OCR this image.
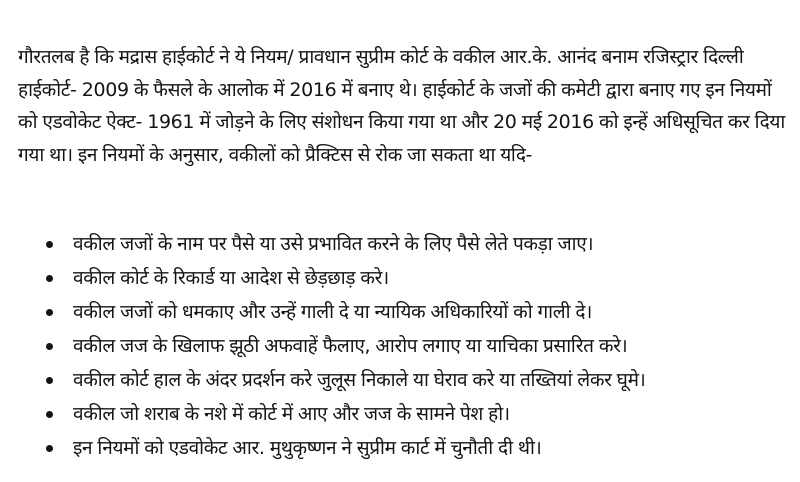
गौरतलब है कि मद्रास हाईकोर्ट ने ये नियम/ प्रावधान सुप्रीम कोर्ट के वकील आर.के. आनंद बनाम रजिस्ट्रार दिल्ली हाईकोर्ट- 2009 के फैसले के आलोक में 2016 में बनाए थे। हाईकोर्ट के जजों की कमेटी द्वारा बनाए गए इन नियमों को एडवोकेट ऐक्ट- 1961 में जोड़ने के लिए संशोधन किया गया था और 20 मई 2016 को इन्हें अधिसूचित कर दिया गया था। इन नियमों के अनुसार, वकीलों को प्रैक्टिस से रोक जा सकता था यदि-

वकील जजों के नाम पर पैसे या उसे प्रभावित करने के लिए पैसे लेते पकड़ा जाए।
वकील कोर्ट के रिकार्ड या आदेश से छेड़छाड़ करे।
वकील जजों को धमकाए और उन्हें गाली दे या न्यायिक अधिकारियों को गाली दे।
वकील जज के खिलाफ झूठी अफवाहें फैलाए, आरोप लगाए या याचिका प्रसारित करे।
वकील कोर्ट हाल के अंदर प्रदर्शन करे जुलूस निकाले या घेराव करे या तख्तियां लेकर घूमे।
वकील जो शराब के नशे में कोर्ट में आए और जज के सामने पेश हो।
इन नियमों को एडवोकेट आर. मुथुकृष्णन ने सुप्रीम कार्ट में चुनौती दी थी।
